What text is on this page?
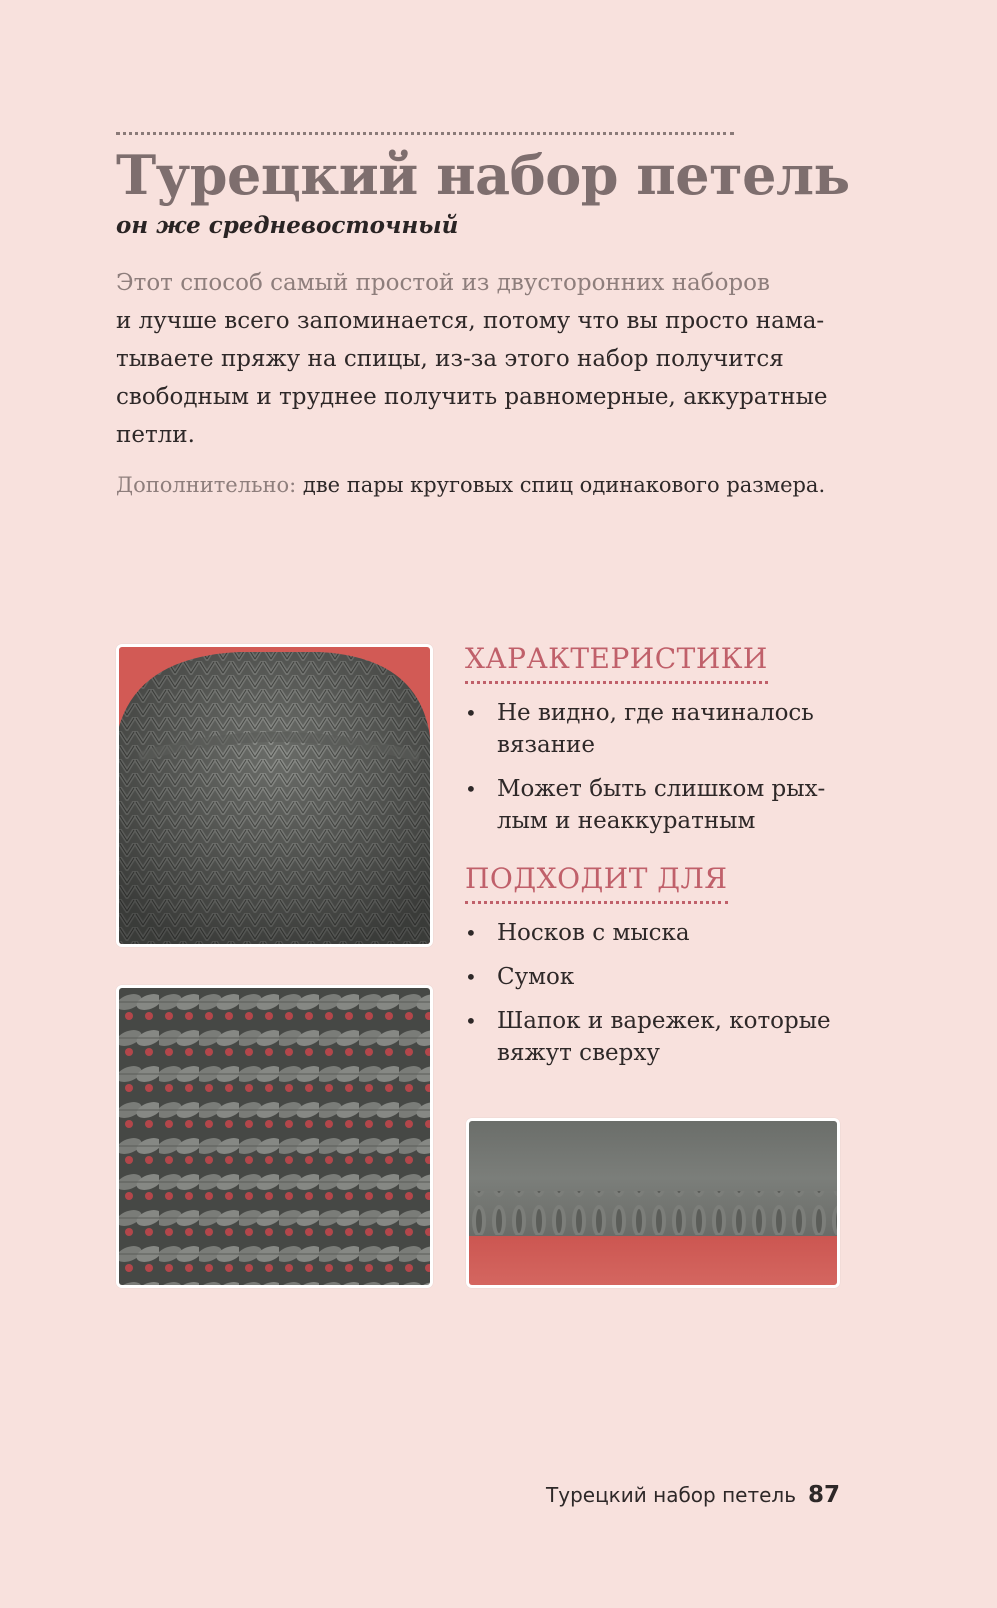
Турецкий набор петель
он же средневосточный
Этот способ самый простой из двусторонних наборов
и лучше всего запоминается, потому что вы просто нама-
тываете пряжу на спицы, из-за этого набор получится
свободным и труднее получить равномерные, аккуратные
петли.
Дополнительно: две пары круговых спиц одинакового размера.
ХАРАКТЕРИСТИКИ
• Не видно, где начиналось вязание
• Может быть слишком рых-лым и неаккуратным
ПОДХОДИТ ДЛЯ
• Носков с мыска
• Сумок
• Шапок и варежек, которые вяжут сверху
Турецкий набор петель 87
